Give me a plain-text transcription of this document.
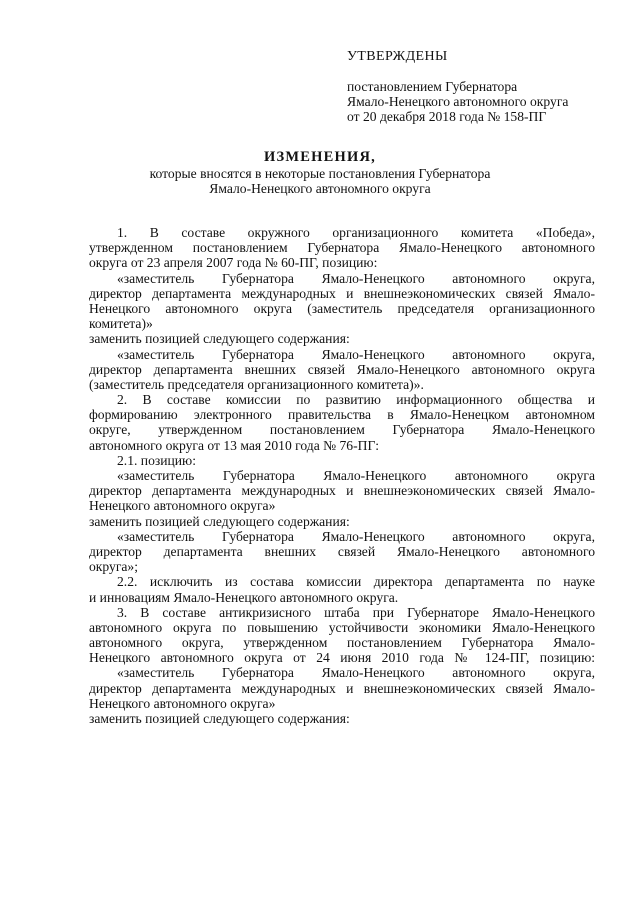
УТВЕРЖДЕНЫ
постановлением Губернатора
Ямало-Ненецкого автономного округа
от 20 декабря 2018 года № 158-ПГ
ИЗМЕНЕНИЯ,
которые вносятся в некоторые постановления Губернатора
Ямало-Ненецкого автономного округа
1. В составе окружного организационного комитета «Победа»,
утвержденном постановлением Губернатора Ямало-Ненецкого автономного
округа от 23 апреля 2007 года № 60-ПГ, позицию:
«заместитель Губернатора Ямало-Ненецкого автономного округа,
директор департамента международных и внешнеэкономических связей Ямало-
Ненецкого автономного округа (заместитель председателя организационного
комитета)»
заменить позицией следующего содержания:
«заместитель Губернатора Ямало-Ненецкого автономного округа,
директор департамента внешних связей Ямало-Ненецкого автономного округа
(заместитель председателя организационного комитета)».
2. В составе комиссии по развитию информационного общества и
формированию электронного правительства в Ямало-Ненецком автономном
округе, утвержденном постановлением Губернатора Ямало-Ненецкого
автономного округа от 13 мая 2010 года № 76-ПГ:
2.1. позицию:
«заместитель Губернатора Ямало-Ненецкого автономного округа
директор департамента международных и внешнеэкономических связей Ямало-
Ненецкого автономного округа»
заменить позицией следующего содержания:
«заместитель Губернатора Ямало-Ненецкого автономного округа,
директор департамента внешних связей Ямало-Ненецкого автономного
округа»;
2.2. исключить из состава комиссии директора департамента по науке
и инновациям Ямало-Ненецкого автономного округа.
3. В составе антикризисного штаба при Губернаторе Ямало-Ненецкого
автономного округа по повышению устойчивости экономики Ямало-Ненецкого
автономного округа, утвержденном постановлением Губернатора Ямало-
Ненецкого автономного округа от 24 июня 2010 года № 124-ПГ, позицию:
«заместитель Губернатора Ямало-Ненецкого автономного округа,
директор департамента международных и внешнеэкономических связей Ямало-
Ненецкого автономного округа»
заменить позицией следующего содержания:
